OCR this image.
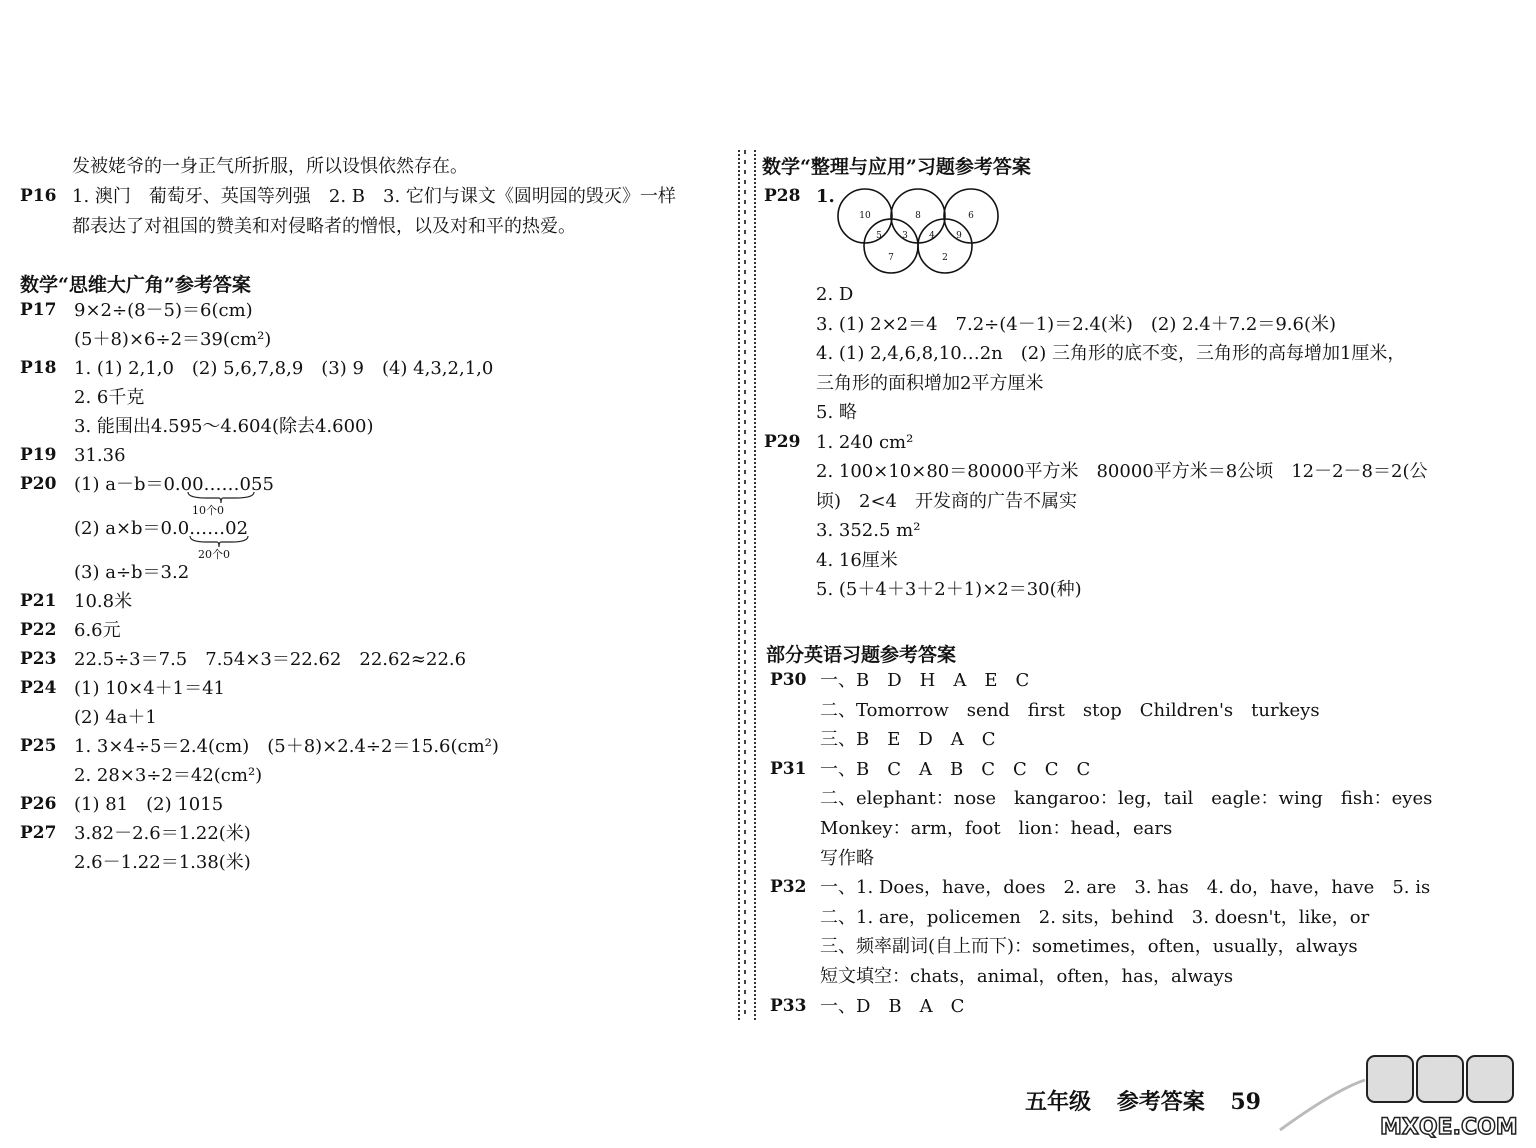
发被姥爷的一身正气所折服，所以设惧依然存在。
P16 1. 澳门　葡萄牙、英国等列强　2. B　3. 它们与课文《圆明园的毁灭》一样
都表达了对祖国的赞美和对侵略者的憎恨，以及对和平的热爱。
数学“思维大广角”参考答案
P17 9×2÷(8－5)＝6(cm)
(5＋8)×6÷2＝39(cm²)
P18 1. (1) 2,1,0　(2) 5,6,7,8,9　(3) 9　(4) 4,3,2,1,0
2. 6千克
3. 能围出4.595～4.604(除去4.600)
P19 31.36
P20 (1) a－b＝0.00……055
(2) a×b＝0.0……02
(3) a÷b＝3.2
P21 10.8米
P22 6.6元
P23 22.5÷3＝7.5　7.54×3＝22.62　22.62≈22.6
P24 (1) 10×4＋1＝41
(2) 4a＋1
P25 1. 3×4÷5＝2.4(cm)　(5＋8)×2.4÷2＝15.6(cm²)
2. 28×3÷2＝42(cm²)
P26 (1) 81　(2) 1015
P27 3.82－2.6＝1.22(米)
2.6－1.22＝1.38(米)
10个0
20个0
数学“整理与应用”习题参考答案
P28 1.
2. D
3. (1) 2×2＝4　7.2÷(4－1)＝2.4(米)　(2) 2.4＋7.2＝9.6(米)
4. (1) 2,4,6,8,10…2n　(2) 三角形的底不变，三角形的高每增加1厘米，
三角形的面积增加2平方厘米
5. 略
P29 1. 240 cm²
2. 100×10×80＝80000平方米　80000平方米＝8公顷　12－2－8＝2(公
顷)　2<4　开发商的广告不属实
3. 352.5 m²
4. 16厘米
5. (5＋4＋3＋2＋1)×2＝30(种)
部分英语习题参考答案
P30 一、B　D　H　A　E　C
二、Tomorrow　send　first　stop　Children's　turkeys
三、B　E　D　A　C
P31 一、B　C　A　B　C　C　C　C
二、elephant：nose　kangaroo：leg，tail　eagle：wing　fish：eyes
Monkey：arm，foot　lion：head，ears
写作略
P32 一、1. Does，have，does　2. are　3. has　4. do，have，have　5. is
二、1. are，policemen　2. sits，behind　3. doesn't，like，or
三、频率副词(自上而下)：sometimes，often，usually，always
短文填空：chats，animal，often，has，always
P33 一、D　B　A　C
10	8	6
5 3 4 9
7	2
五年级 参考答案 59
MXQE.COM
